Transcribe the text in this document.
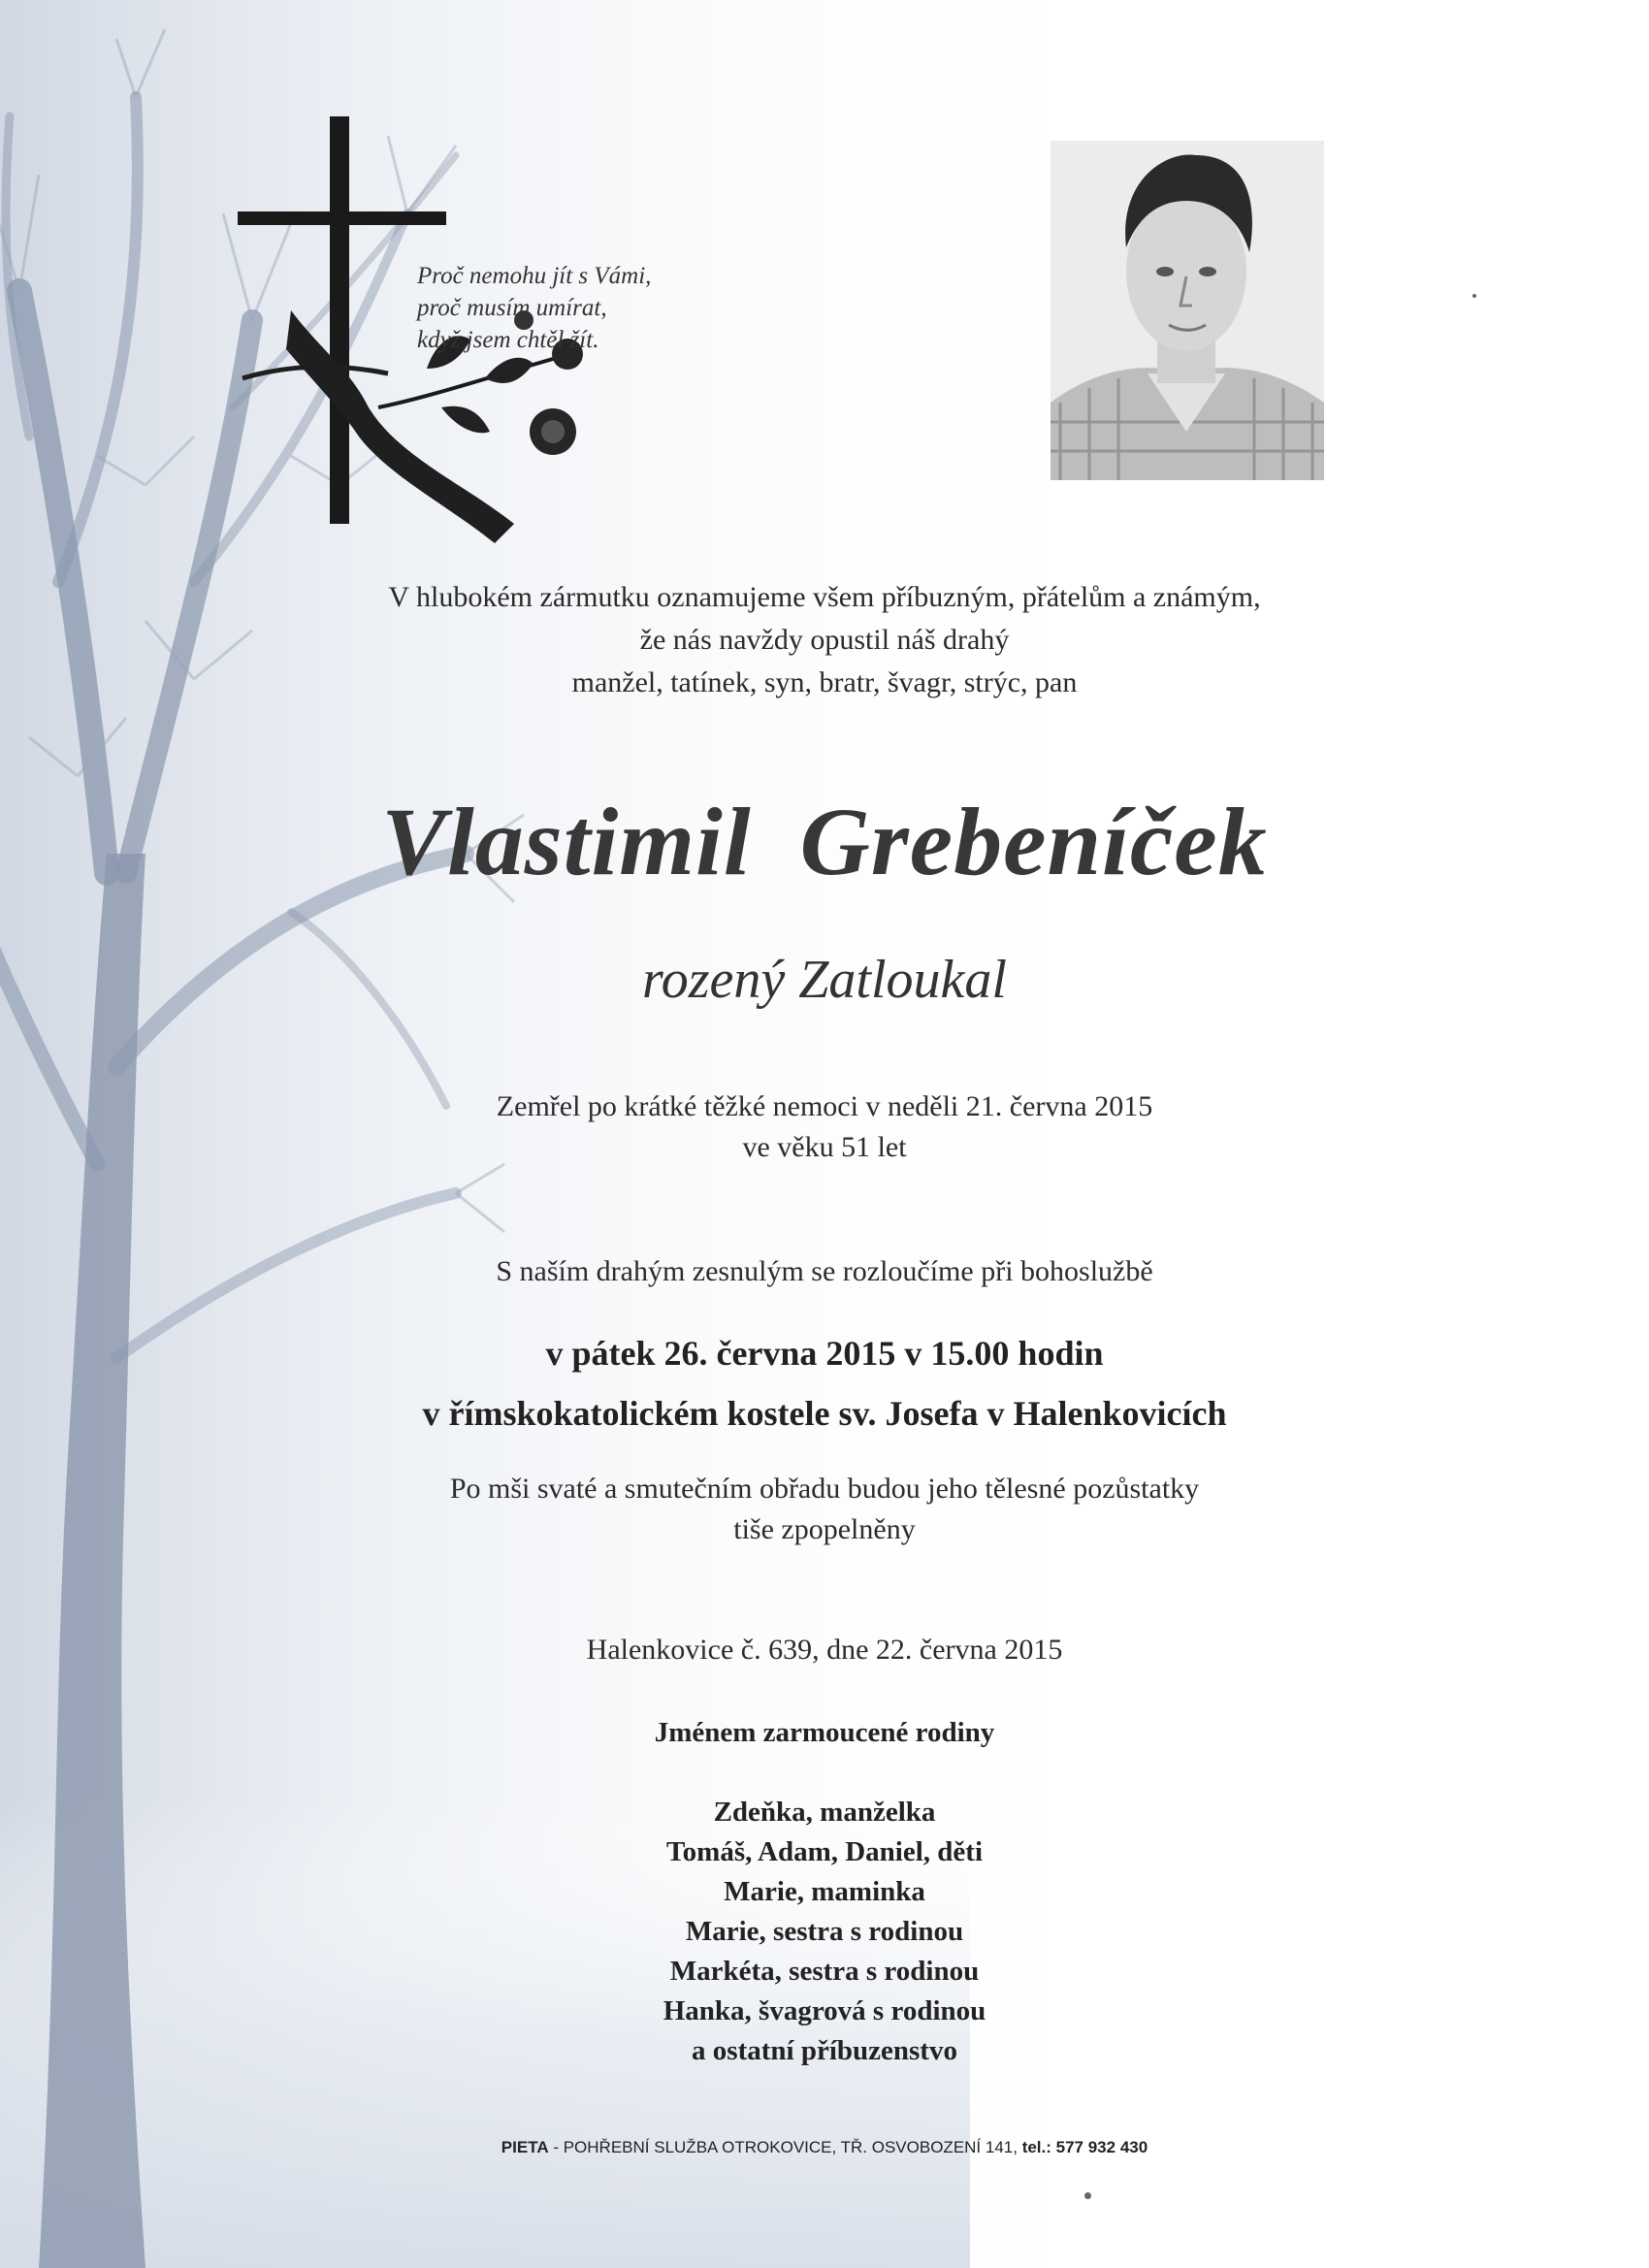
Proč nemohu jít s Vámi,
proč musím umírat,
když jsem chtěl žít.
V hlubokém zármutku oznamujeme všem příbuzným, přátelům a známým,
že nás navždy opustil náš drahý
manžel, tatínek, syn, bratr, švagr, strýc, pan
Vlastimil Grebeníček
rozený Zatloukal
Zemřel po krátké těžké nemoci v neděli 21. června 2015
ve věku 51 let
S naším drahým zesnulým se rozloučíme při bohoslužbě
v pátek 26. června 2015 v 15.00 hodin
v římskokatolickém kostele sv. Josefa v Halenkovicích
Po mši svaté a smutečním obřadu budou jeho tělesné pozůstatky
tiše zpopelněny
Halenkovice č. 639, dne 22. června 2015
Jménem zarmoucené rodiny
Zdeňka, manželka
Tomáš, Adam, Daniel, děti
Marie, maminka
Marie, sestra s rodinou
Markéta, sestra s rodinou
Hanka, švagrová s rodinou
a ostatní příbuzenstvo
PIETA - POHŘEBNÍ SLUŽBA OTROKOVICE, TŘ. OSVOBOZENÍ 141, tel.: 577 932 430
